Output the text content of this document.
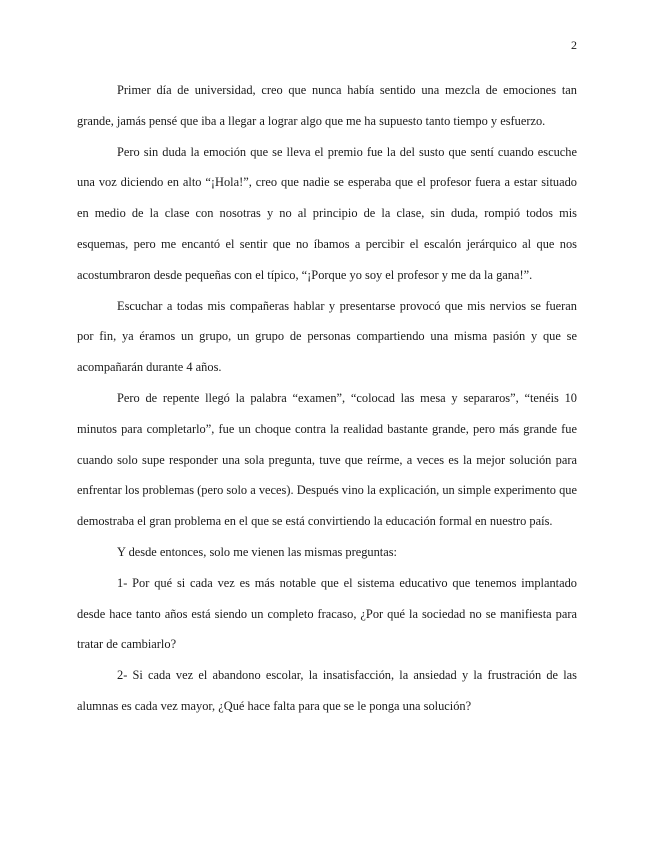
2

Primer día de universidad, creo que nunca había sentido una mezcla de emociones tan grande, jamás pensé que iba a llegar a lograr algo que me ha supuesto tanto tiempo y esfuerzo.

Pero sin duda la emoción que se lleva el premio fue la del susto que sentí cuando escuche una voz diciendo en alto “¡Hola!”, creo que nadie se esperaba que el profesor fuera a estar situado en medio de la clase con nosotras y no al principio de la clase, sin duda, rompió todos mis esquemas, pero me encantó el sentir que no íbamos a percibir el escalón jerárquico al que nos acostumbraron desde pequeñas con el típico, “¡Porque yo soy el profesor y me da la gana!”.

Escuchar a todas mis compañeras hablar y presentarse provocó que mis nervios se fueran por fin, ya éramos un grupo, un grupo de personas compartiendo una misma pasión y que se acompañarán durante 4 años.

Pero de repente llegó la palabra “examen”, “colocad las mesa y separaros”, “tenéis 10 minutos para completarlo”, fue un choque contra la realidad bastante grande, pero más grande fue cuando solo supe responder una sola pregunta, tuve que reírme, a veces es la mejor solución para enfrentar los problemas (pero solo a veces). Después vino la explicación, un simple experimento que demostraba el gran problema en el que se está convirtiendo la educación formal en nuestro país.

Y desde entonces, solo me vienen las mismas preguntas:

1- Por qué si cada vez es más notable que el sistema educativo que tenemos implantado desde hace tanto años está siendo un completo fracaso, ¿Por qué la sociedad no se manifiesta para tratar de cambiarlo?

2- Si cada vez el abandono escolar, la insatisfacción, la ansiedad y la frustración de las alumnas es cada vez mayor, ¿Qué hace falta para que se le ponga una solución?
